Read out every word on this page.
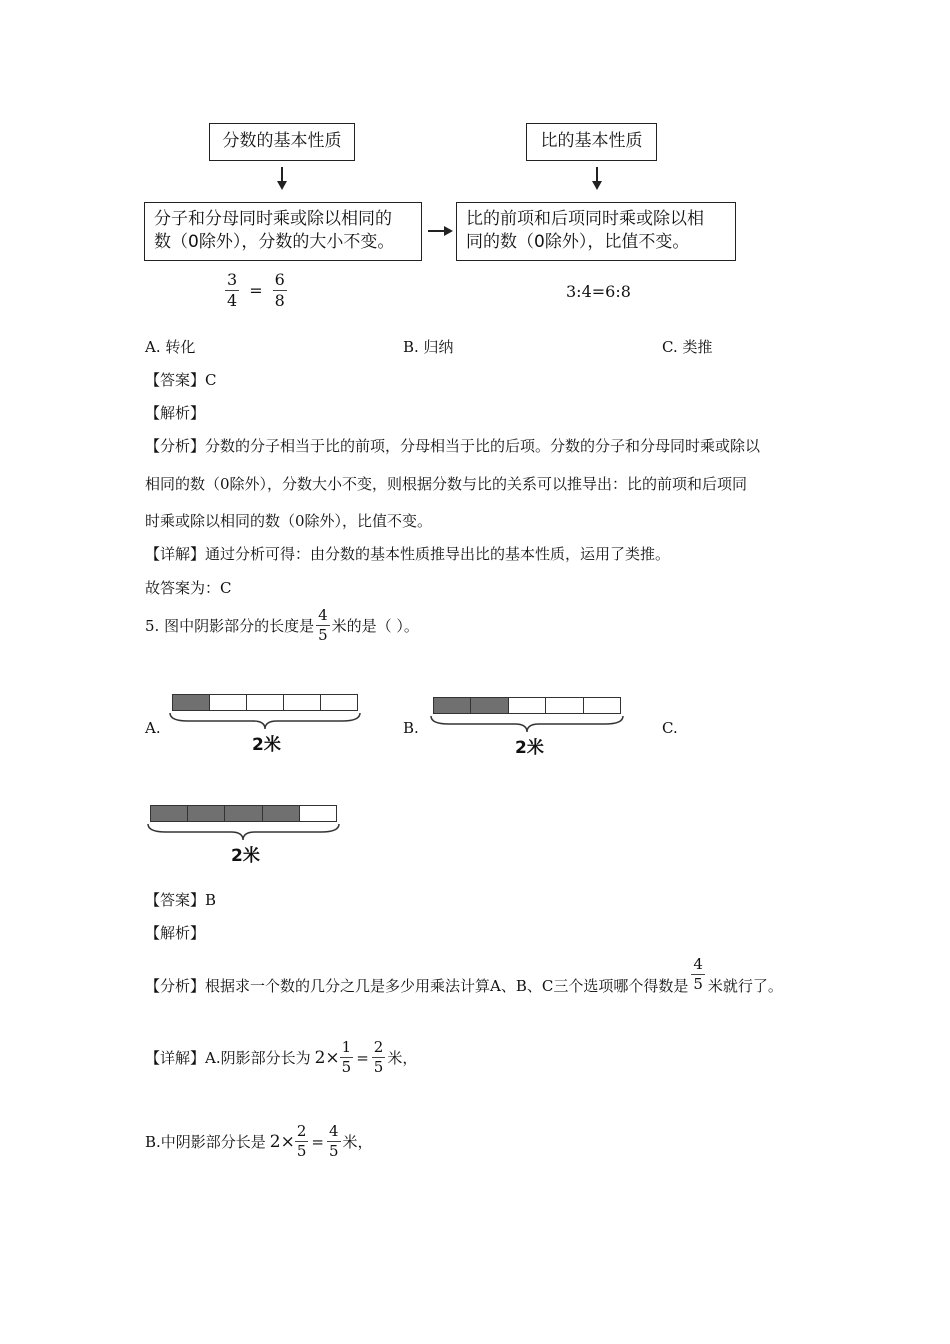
分数的基本性质	比的基本性质
分子和分母同时乘或除以相同的
数（0除外），分数的大小不变。
比的前项和后项同时乘或除以相
同的数（0除外），比值不变。
$\frac{3}{4} = \frac{6}{8}$	3:4=6:8
A. 转化	B. 归纳	C. 类推
【答案】C
【解析】
【分析】分数的分子相当于比的前项，分母相当于比的后项。分数的分子和分母同时乘或除以
相同的数（0除外），分数大小不变，则根据分数与比的关系可以推导出：比的前项和后项同
时乘或除以相同的数（0除外），比值不变。
【详解】通过分析可得：由分数的基本性质推导出比的基本性质，运用了类推。
故答案为：C
5. 图中阴影部分的长度是 $\frac{4}{5}$ 米的是（ ）。
A.
2米
B.
2米
C.
2米
【答案】B
【解析】
【分析】根据求一个数的几分之几是多少用乘法计算A、B、C三个选项哪个得数是 $\frac{4}{5}$ 米就行了。
【详解】A.阴影部分长为 $2\times \frac{1}{5} = \frac{2}{5}$ 米，
B.中阴影部分长是 $2\times \frac{2}{5} = \frac{4}{5}$ 米，
